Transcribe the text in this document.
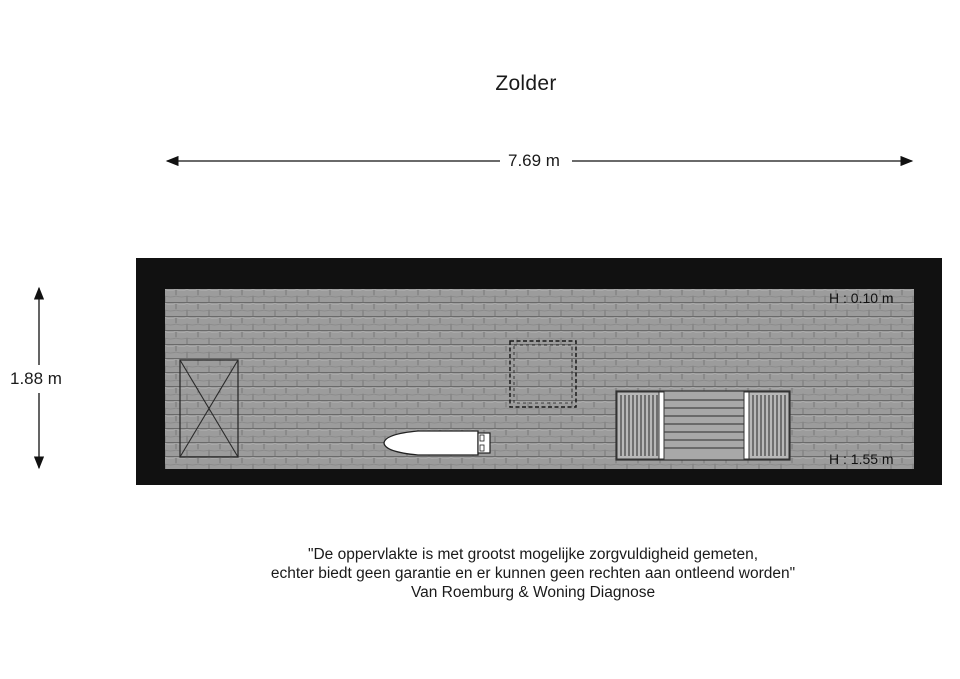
Zolder
7.69 m
1.88 m
H : 0.10 m
H : 1.55 m
"De oppervlakte is met grootst mogelijke zorgvuldigheid gemeten,
echter biedt geen garantie en er kunnen geen rechten aan ontleend worden"
Van Roemburg & Woning Diagnose
